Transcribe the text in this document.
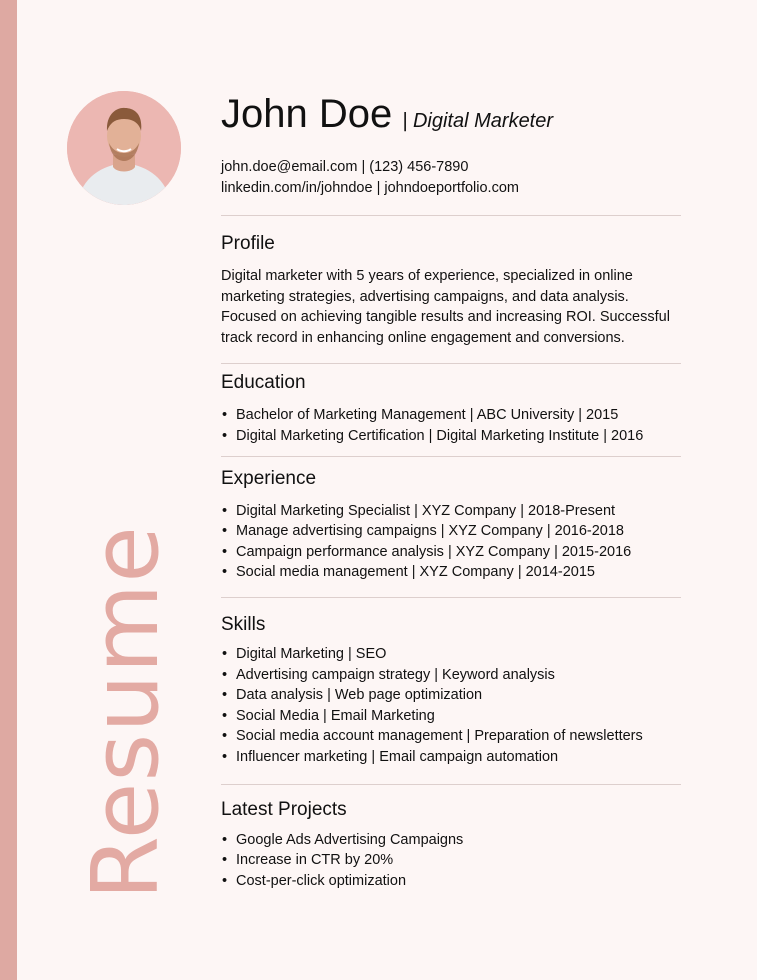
Resume
John Doe | Digital Marketer
john.doe@email.com | (123) 456-7890
linkedin.com/in/johndoe | johndoeportfolio.com
Profile

Digital marketer with 5 years of experience, specialized in online marketing strategies, advertising campaigns, and data analysis. Focused on achieving tangible results and increasing ROI. Successful track record in enhancing online engagement and conversions.

Education
• Bachelor of Marketing Management | ABC University | 2015
• Digital Marketing Certification | Digital Marketing Institute | 2016
Experience
• Digital Marketing Specialist | XYZ Company | 2018-Present
• Manage advertising campaigns | XYZ Company | 2016-2018
• Campaign performance analysis | XYZ Company | 2015-2016
• Social media management | XYZ Company | 2014-2015
Skills
• Digital Marketing | SEO
• Advertising campaign strategy | Keyword analysis
• Data analysis | Web page optimization
• Social Media | Email Marketing
• Social media account management | Preparation of newsletters
• Influencer marketing | Email campaign automation
Latest Projects
• Google Ads Advertising Campaigns
• Increase in CTR by 20%
• Cost-per-click optimization
